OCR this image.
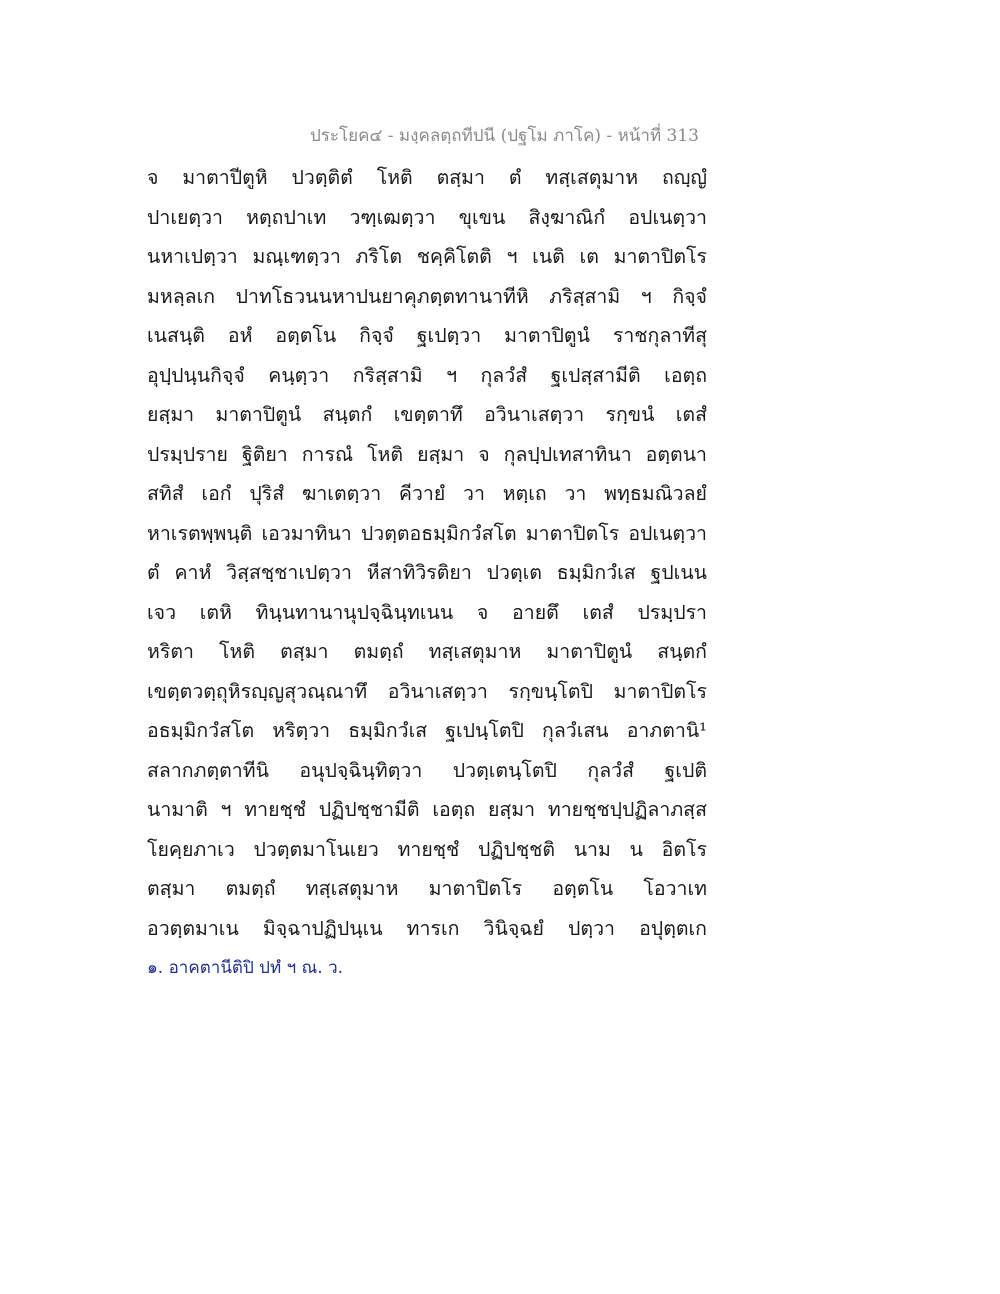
ประโยค๔ - มงฺคลตฺถทีปนี (ปฐโม ภาโค) - หน้าที่ 313
จ มาตาปีตูหิ ปวตฺติตํ โหติ ตสฺมา ตํ ทสฺเสตุมาห ถญฺญํ
ปาเยตฺวา หตฺถปาเท วฑฺเฒตฺวา ขุเขน สิงฺฆาณิกํ อปเนตฺวา
นหาเปตฺวา มณฺเฑตฺวา ภริโต ชคฺคิโตติ ฯ เนติ เต มาตาปิตโร
มหลฺลเก ปาทโธวนนหาปนยาคุภตฺตทานาทีหิ ภริสฺสามิ ฯ กิจฺจํ
เนสนฺติ อหํ อตฺตโน กิจฺจํ ฐเปตฺวา มาตาปิตูนํ ราชกุลาทีสุ
อุปฺปนฺนกิจฺจํ คนฺตฺวา กริสฺสามิ ฯ กุลวํสํ ฐเปสฺสามีติ เอตฺถ
ยสฺมา มาตาปิตูนํ สนฺตกํ เขตฺตาทึ อวินาเสตฺวา รกฺขนํ เตสํ
ปรมฺปราย ฐิติยา การณํ โหติ ยสฺมา จ กุลปฺปเทสาทินา อตฺตนา
สทิสํ เอกํ ปุริสํ ฆาเตตฺวา คีวายํ วา หตฺเถ วา พทฺธมณิวลยํ
หาเรตพฺพนฺติ เอวมาทินา ปวตฺตอธมฺมิกวํสโต มาตาปิตโร อปเนตฺวา
ตํ คาหํ วิสฺสชฺชาเปตฺวา หีสาทิวิรติยา ปวตฺเต ธมฺมิกวํเส ฐปเนน
เจว เตหิ ทินฺนทานานุปจฺฉินฺทเนน จ อายตึ เตสํ ปรมฺปรา
หริตา โหติ ตสฺมา ตมตฺถํ ทสฺเสตุมาห มาตาปิตูนํ สนฺตกํ
เขตฺตวตฺถุหิรญฺญสุวณฺณาทึ อวินาเสตฺวา รกฺขนฺโตปิ มาตาปิตโร
อธมฺมิกวํสโต หริตฺวา ธมฺมิกวํเส ฐเปนฺโตปิ กุลวํเสน อาภตานิ¹
สลากภตฺตาทีนิ อนุปจฺฉินฺทิตฺวา ปวตฺเตนฺโตปิ กุลวํสํ ฐเปติ
นามาติ ฯ ทายชฺชํ ปฏิปชฺชามีติ เอตฺถ ยสฺมา ทายชฺชปฺปฏิลาภสฺส
โยคฺยภาเว ปวตฺตมาโนเยว ทายชฺชํ ปฏิปชฺชติ นาม น อิตโร
ตสฺมา ตมตฺถํ ทสฺเสตุมาห มาตาปิตโร อตฺตโน โอวาเท
อวตฺตมาเน มิจฺฉาปฏิปนฺเน ทารเก วินิจฺฉยํ ปตฺวา อปุตฺตเก
๑. อาคตานีติปิ ปทํ ฯ ณ. ว.
